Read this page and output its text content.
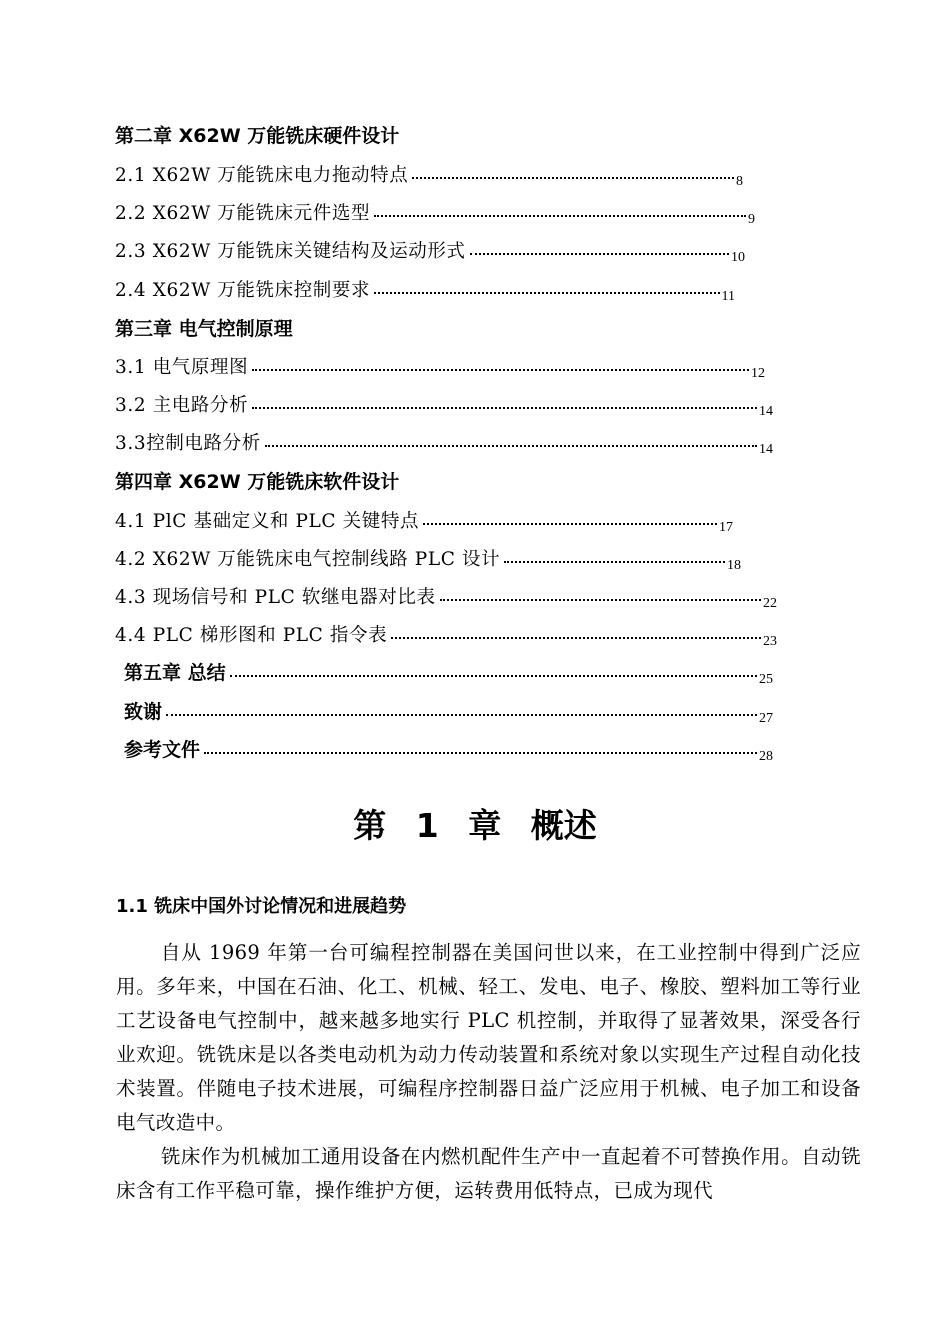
第二章 X62W 万能铣床硬件设计
2.1 X62W 万能铣床电力拖动特点	8
2.2 X62W 万能铣床元件选型	9
2.3 X62W 万能铣床关键结构及运动形式	10
2.4 X62W 万能铣床控制要求	11
第三章 电气控制原理
3.1 电气原理图	12
3.2 主电路分析	14
3.3控制电路分析	14
第四章 X62W 万能铣床软件设计
4.1 PlC 基础定义和 PLC 关键特点	17
4.2 X62W 万能铣床电气控制线路 PLC 设计	18
4.3 现场信号和 PLC 软继电器对比表	22
4.4 PLC 梯形图和 PLC 指令表	23
第五章 总结	25
致谢	27
参考文件	28
第 1 章 概述
1.1 铣床中国外讨论情况和进展趋势

自从 1969 年第一台可编程控制器在美国问世以来，在工业控制中得到广泛应用。多年来，中国在石油、化工、机械、轻工、发电、电子、橡胶、塑料加工等行业工艺设备电气控制中，越来越多地实行 PLC 机控制，并取得了显著效果，深受各行业欢迎。铣铣床是以各类电动机为动力传动装置和系统对象以实现生产过程自动化技术装置。伴随电子技术进展，可编程序控制器日益广泛应用于机械、电子加工和设备电气改造中。

铣床作为机械加工通用设备在内燃机配件生产中一直起着不可替换作用。自动铣床含有工作平稳可靠，操作维护方便，运转费用低特点，已成为现代
